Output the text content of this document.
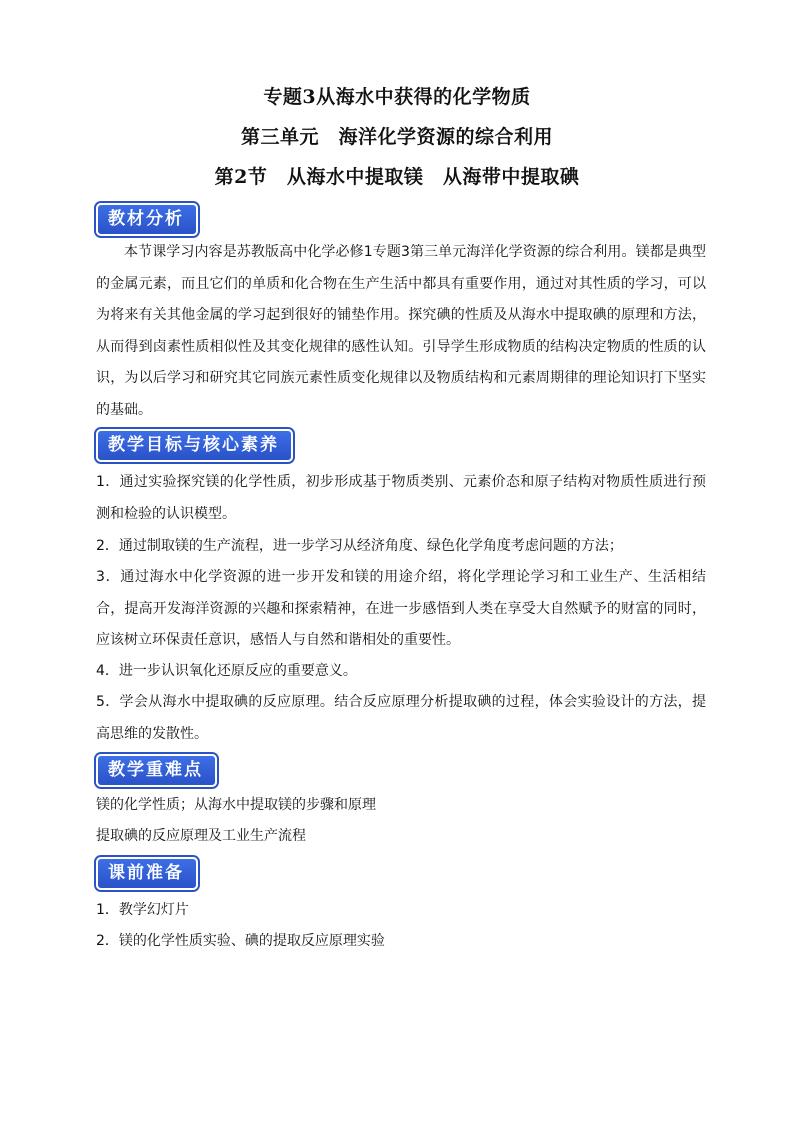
专题3从海水中获得的化学物质
第三单元　海洋化学资源的综合利用
第2节　从海水中提取镁　从海带中提取碘
教材分析
本节课学习内容是苏教版高中化学必修1专题3第三单元海洋化学资源的综合利用。镁都是典型的金属元素，而且它们的单质和化合物在生产生活中都具有重要作用，通过对其性质的学习，可以为将来有关其他金属的学习起到很好的铺垫作用。探究碘的性质及从海水中提取碘的原理和方法，从而得到卤素性质相似性及其变化规律的感性认知。引导学生形成物质的结构决定物质的性质的认识，为以后学习和研究其它同族元素性质变化规律以及物质结构和元素周期律的理论知识打下坚实的基础。
教学目标与核心素养
1．通过实验探究镁的化学性质，初步形成基于物质类别、元素价态和原子结构对物质性质进行预测和检验的认识模型。
2．通过制取镁的生产流程，进一步学习从经济角度、绿色化学角度考虑问题的方法；
3．通过海水中化学资源的进一步开发和镁的用途介绍，将化学理论学习和工业生产、生活相结合，提高开发海洋资源的兴趣和探索精神，在进一步感悟到人类在享受大自然赋予的财富的同时，应该树立环保责任意识，感悟人与自然和谐相处的重要性。
4．进一步认识氧化还原反应的重要意义。
5．学会从海水中提取碘的反应原理。结合反应原理分析提取碘的过程，体会实验设计的方法，提高思维的发散性。
教学重难点
镁的化学性质；从海水中提取镁的步骤和原理
提取碘的反应原理及工业生产流程
课前准备
1．教学幻灯片
2．镁的化学性质实验、碘的提取反应原理实验
